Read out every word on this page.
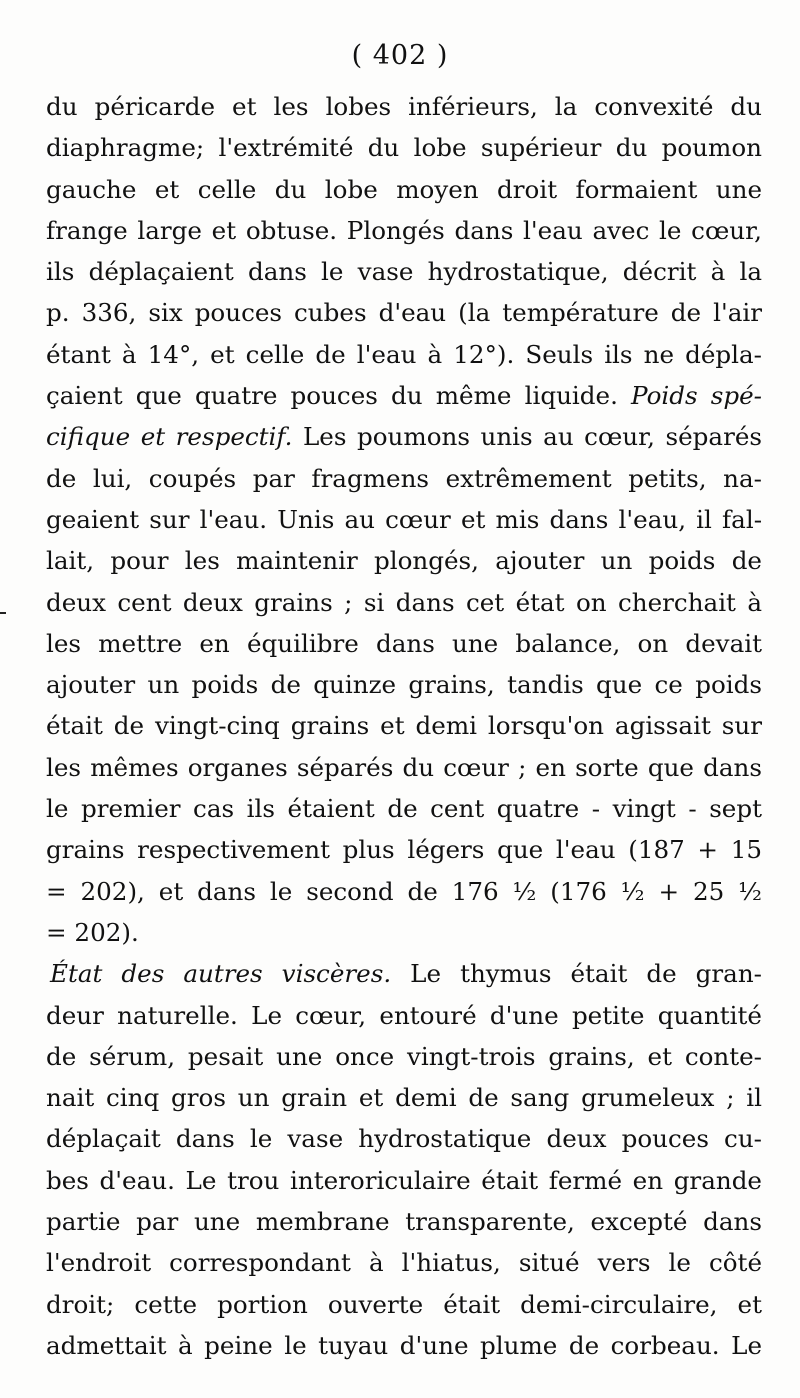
( 402 )
du péricarde et les lobes inférieurs, la convexité du
diaphragme; l'extrémité du lobe supérieur du poumon
gauche et celle du lobe moyen droit formaient une
frange large et obtuse. Plongés dans l'eau avec le cœur,
ils déplaçaient dans le vase hydrostatique, décrit à la
p. 336, six pouces cubes d'eau (la température de l'air
étant à 14°, et celle de l'eau à 12°). Seuls ils ne dépla-
çaient que quatre pouces du même liquide. Poids spé-
cifique et respectif. Les poumons unis au cœur, séparés
de lui, coupés par fragmens extrêmement petits, na-
geaient sur l'eau. Unis au cœur et mis dans l'eau, il fal-
lait, pour les maintenir plongés, ajouter un poids de
deux cent deux grains ; si dans cet état on cherchait à
les mettre en équilibre dans une balance, on devait
ajouter un poids de quinze grains, tandis que ce poids
était de vingt-cinq grains et demi lorsqu'on agissait sur
les mêmes organes séparés du cœur ; en sorte que dans
le premier cas ils étaient de cent quatre - vingt - sept
grains respectivement plus légers que l'eau (187 + 15
= 202), et dans le second de 176 ½ (176 ½ + 25 ½
= 202).
État des autres viscères. Le thymus était de gran-
deur naturelle. Le cœur, entouré d'une petite quantité
de sérum, pesait une once vingt-trois grains, et conte-
nait cinq gros un grain et demi de sang grumeleux ; il
déplaçait dans le vase hydrostatique deux pouces cu-
bes d'eau. Le trou interoriculaire était fermé en grande
partie par une membrane transparente, excepté dans
l'endroit correspondant à l'hiatus, situé vers le côté
droit; cette portion ouverte était demi-circulaire, et
admettait à peine le tuyau d'une plume de corbeau. Le
